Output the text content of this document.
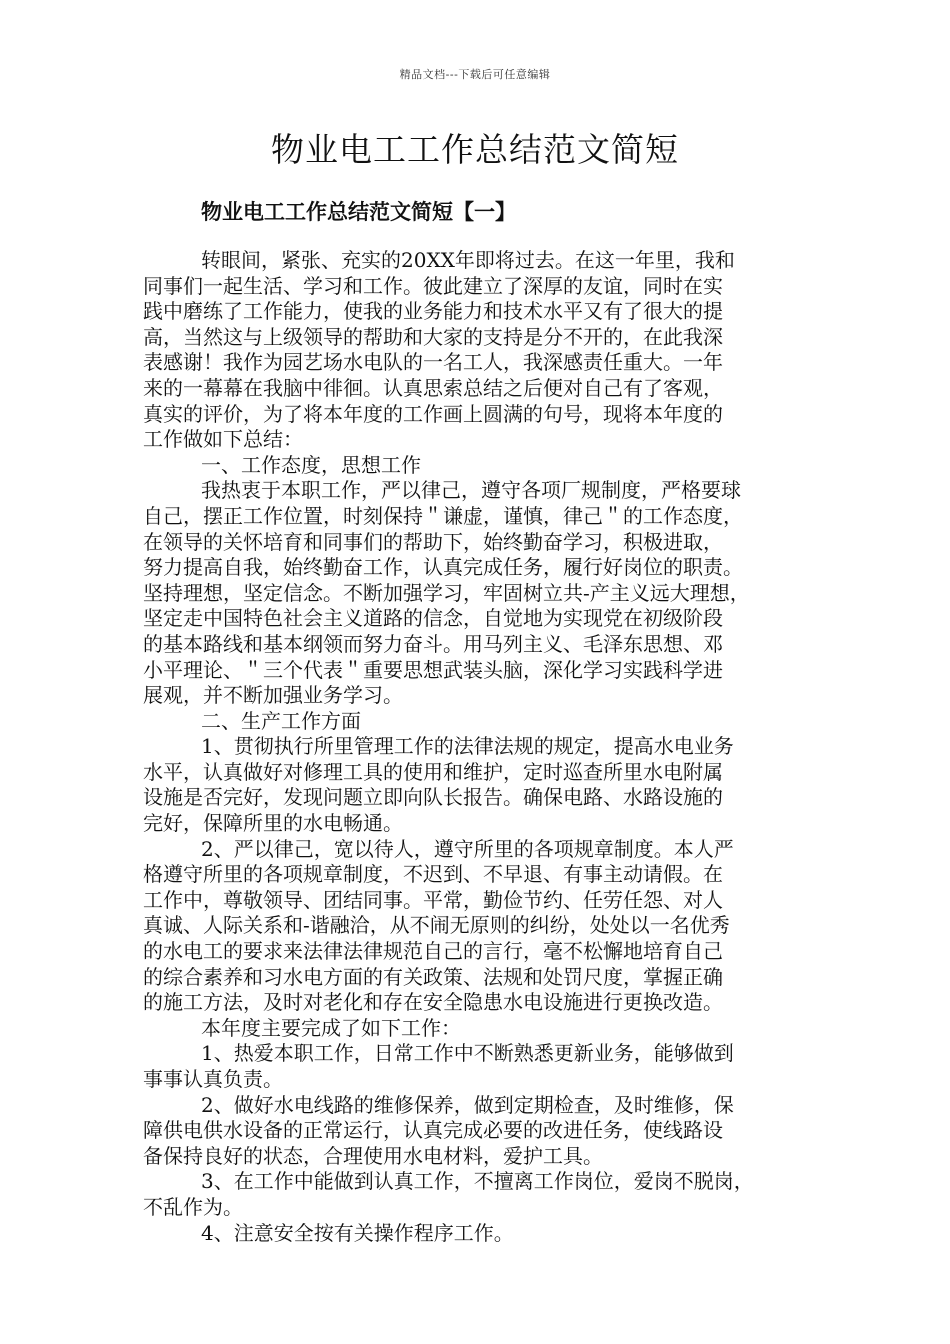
精品文档---下载后可任意编辑
物业电工工作总结范文简短
物业电工工作总结范文简短【一】
转眼间，紧张、充实的20XX年即将过去。在这一年里，我和
同事们一起生活、学习和工作。彼此建立了深厚的友谊，同时在实
践中磨练了工作能力，使我的业务能力和技术水平又有了很大的提
高，当然这与上级领导的帮助和大家的支持是分不开的，在此我深
表感谢！我作为园艺场水电队的一名工人，我深感责任重大。一年
来的一幕幕在我脑中徘徊。认真思索总结之后便对自己有了客观，
真实的评价，为了将本年度的工作画上圆满的句号，现将本年度的
工作做如下总结：
一、工作态度，思想工作
我热衷于本职工作，严以律己，遵守各项厂规制度，严格要球
自己，摆正工作位置，时刻保持＂谦虚，谨慎，律己＂的工作态度，
在领导的关怀培育和同事们的帮助下，始终勤奋学习，积极进取，
努力提高自我，始终勤奋工作，认真完成任务，履行好岗位的职责。
坚持理想，坚定信念。不断加强学习，牢固树立共-产主义远大理想，
坚定走中国特色社会主义道路的信念，自觉地为实现党在初级阶段
的基本路线和基本纲领而努力奋斗。用马列主义、毛泽东思想、邓
小平理论、＂三个代表＂重要思想武装头脑，深化学习实践科学进
展观，并不断加强业务学习。
二、生产工作方面
1、贯彻执行所里管理工作的法律法规的规定，提高水电业务
水平，认真做好对修理工具的使用和维护，定时巡查所里水电附属
设施是否完好，发现问题立即向队长报告。确保电路、水路设施的
完好，保障所里的水电畅通。
2、严以律己，宽以待人，遵守所里的各项规章制度。本人严
格遵守所里的各项规章制度，不迟到、不早退、有事主动请假。在
工作中，尊敬领导、团结同事。平常，勤俭节约、任劳任怨、对人
真诚、人际关系和-谐融洽，从不闹无原则的纠纷，处处以一名优秀
的水电工的要求来法律法律规范自己的言行，毫不松懈地培育自己
的综合素养和习水电方面的有关政策、法规和处罚尺度，掌握正确
的施工方法，及时对老化和存在安全隐患水电设施进行更换改造。
本年度主要完成了如下工作：
1、热爱本职工作，日常工作中不断熟悉更新业务，能够做到
事事认真负责。
2、做好水电线路的维修保养，做到定期检查，及时维修，保
障供电供水设备的正常运行，认真完成必要的改进任务，使线路设
备保持良好的状态，合理使用水电材料，爱护工具。
3、在工作中能做到认真工作，不擅离工作岗位，爱岗不脱岗，
不乱作为。
4、注意安全按有关操作程序工作。
